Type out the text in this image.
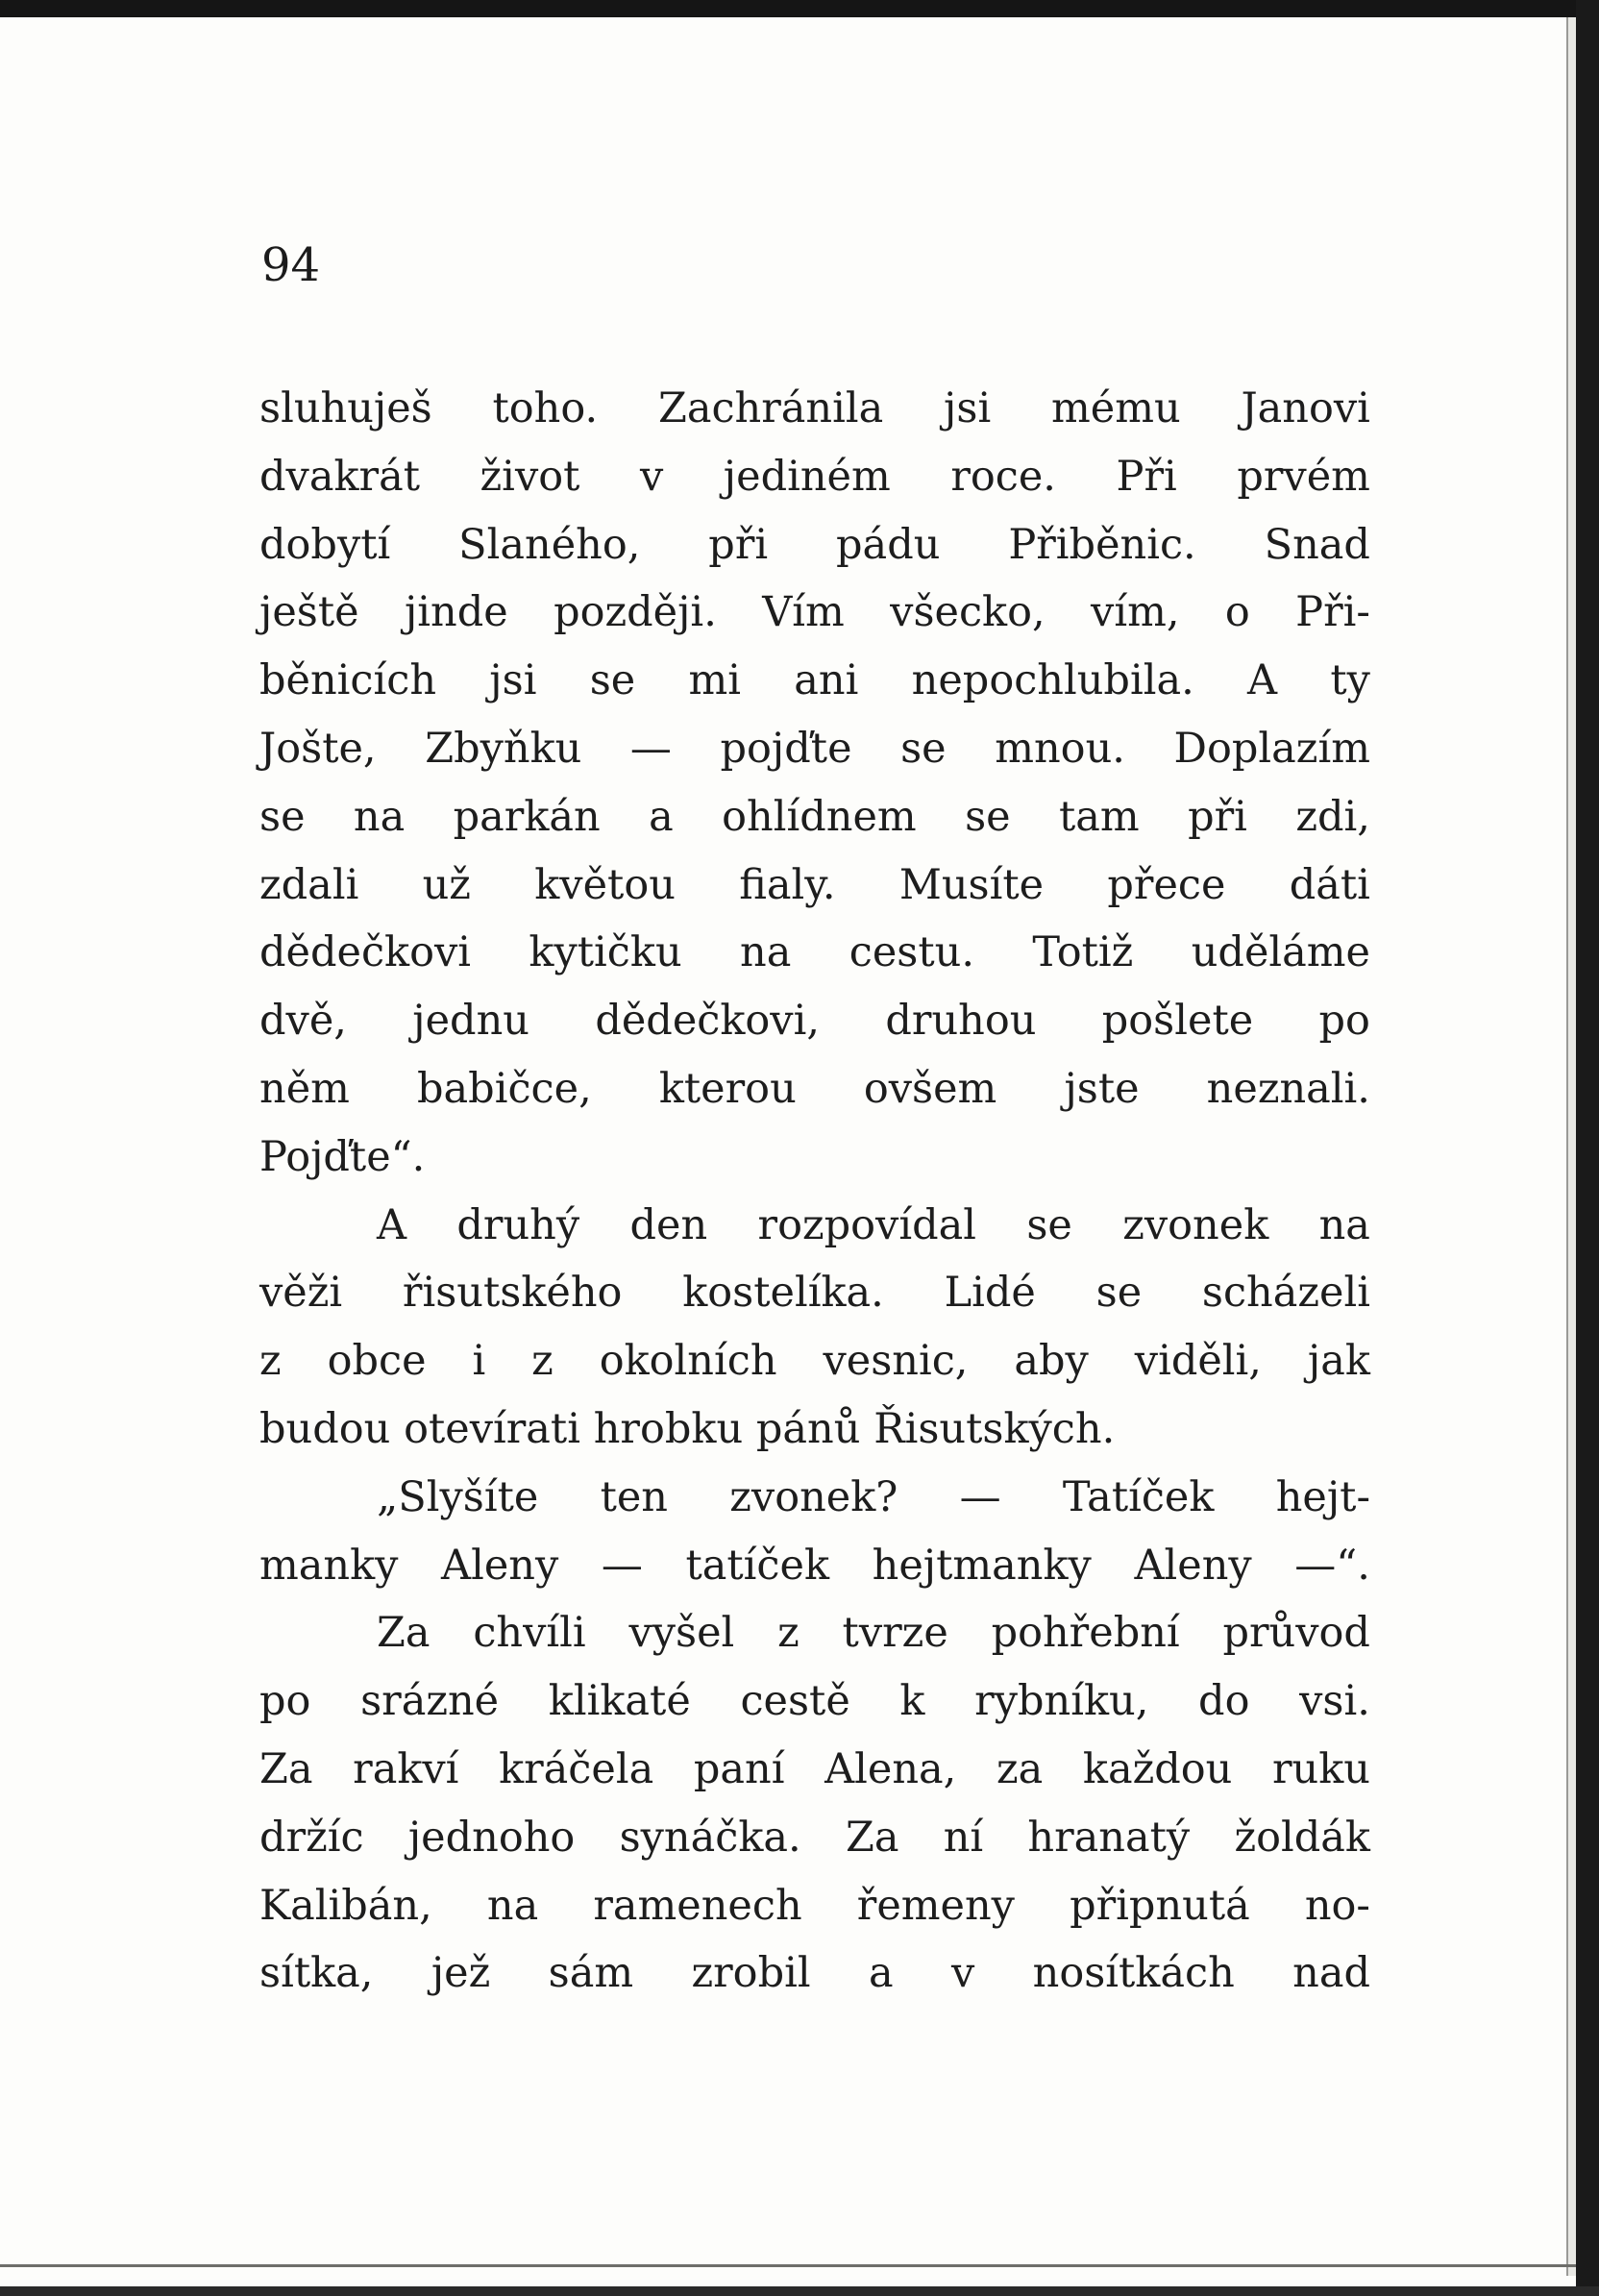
94
sluhuješ toho. Zachránila jsi mému Janovi
dvakrát život v jediném roce. Při prvém
dobytí Slaného, při pádu Přiběnic. Snad
ještě jinde později. Vím všecko, vím, o Při-
běnicích jsi se mi ani nepochlubila. A ty
Jošte, Zbyňku — pojďte se mnou. Doplazím
se na parkán a ohlídnem se tam při zdi,
zdali už květou fialy. Musíte přece dáti
dědečkovi kytičku na cestu. Totiž uděláme
dvě, jednu dědečkovi, druhou pošlete po
něm babičce, kterou ovšem jste neznali.
Pojďte“.
A druhý den rozpovídal se zvonek na
věži řisutského kostelíka. Lidé se scházeli
z obce i z okolních vesnic, aby viděli, jak
budou otevírati hrobku pánů Řisutských.
„Slyšíte ten zvonek? — Tatíček hejt-
manky Aleny — tatíček hejtmanky Aleny —“.
Za chvíli vyšel z tvrze pohřební průvod
po srázné klikaté cestě k rybníku, do vsi.
Za rakví kráčela paní Alena, za každou ruku
držíc jednoho synáčka. Za ní hranatý žoldák
Kalibán, na ramenech řemeny připnutá no-
sítka, jež sám zrobil a v nosítkách nad
